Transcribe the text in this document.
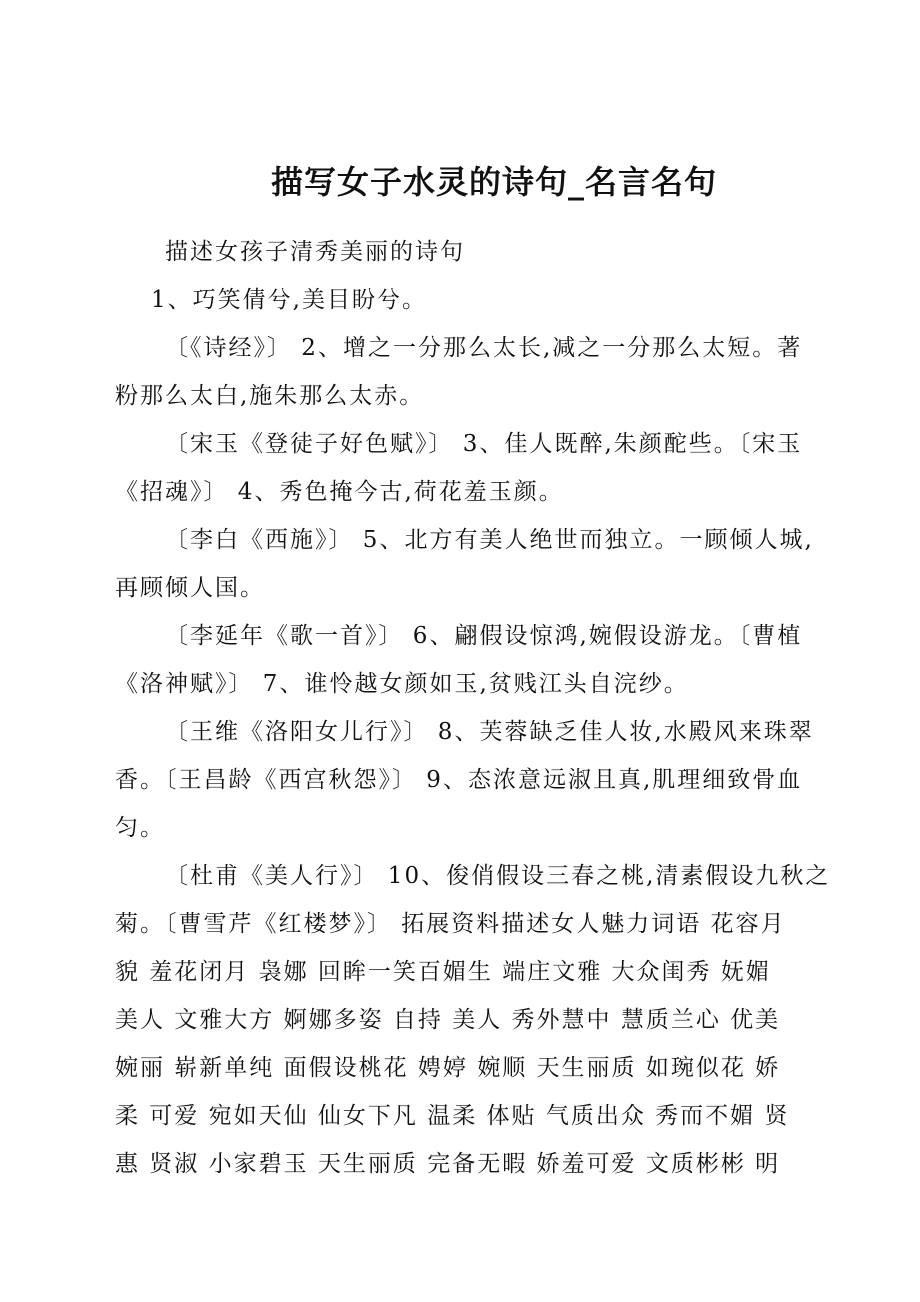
描写女子水灵的诗句_名言名句
描述女孩子清秀美丽的诗句
1、巧笑倩兮,美目盼兮。
〔《诗经》〕 2、增之一分那么太长,减之一分那么太短。著
粉那么太白,施朱那么太赤。
〔宋玉《登徒子好色赋》〕 3、佳人既醉,朱颜酡些。〔宋玉
《招魂》〕 4、秀色掩今古,荷花羞玉颜。
〔李白《西施》〕 5、北方有美人绝世而独立。一顾倾人城,
再顾倾人国。
〔李延年《歌一首》〕 6、翩假设惊鸿,婉假设游龙。〔曹植
《洛神赋》〕 7、谁怜越女颜如玉,贫贱江头自浣纱。
〔王维《洛阳女儿行》〕 8、芙蓉缺乏佳人妆,水殿风来珠翠
香。〔王昌龄《西宫秋怨》〕 9、态浓意远淑且真,肌理细致骨血
匀。
〔杜甫《美人行》〕 10、俊俏假设三春之桃,清素假设九秋之
菊。〔曹雪芹《红楼梦》〕 拓展资料描述女人魅力词语 花容月
貌 羞花闭月 袅娜 回眸一笑百媚生 端庄文雅 大众闺秀 妩媚
美人 文雅大方 婀娜多姿 自持 美人 秀外慧中 慧质兰心 优美
婉丽 崭新单纯 面假设桃花 娉婷 婉顺 天生丽质 如琬似花 娇
柔 可爱 宛如天仙 仙女下凡 温柔 体贴 气质出众 秀而不媚 贤
惠 贤淑 小家碧玉 天生丽质 完备无暇 娇羞可爱 文质彬彬 明
